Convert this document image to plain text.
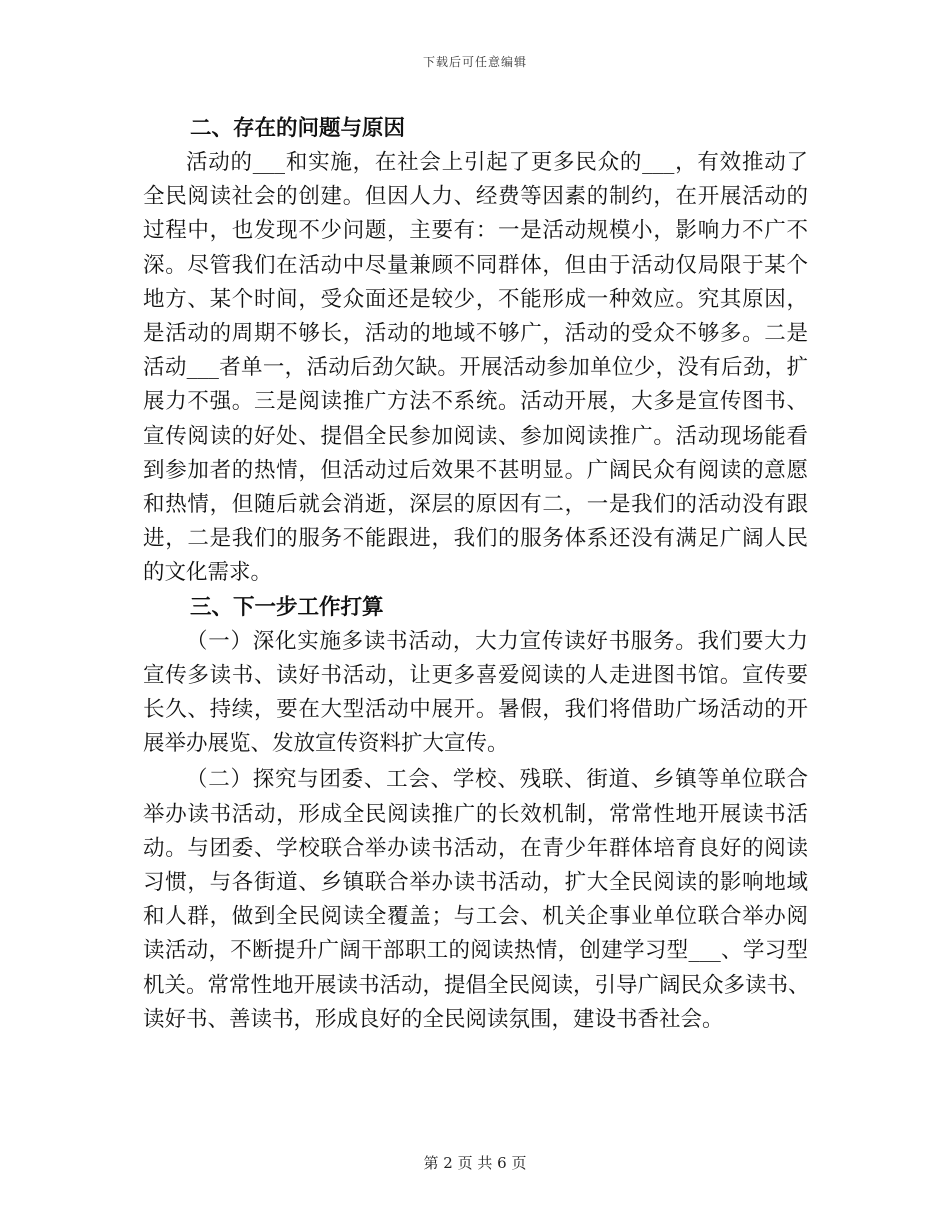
下载后可任意编辑
二、存在的问题与原因
活动的___和实施，在社会上引起了更多民众的___，有效推动了
全民阅读社会的创建。但因人力、经费等因素的制约，在开展活动的
过程中，也发现不少问题，主要有：一是活动规模小，影响力不广不
深。尽管我们在活动中尽量兼顾不同群体，但由于活动仅局限于某个
地方、某个时间，受众面还是较少，不能形成一种效应。究其原因，
是活动的周期不够长，活动的地域不够广，活动的受众不够多。二是
活动___者单一，活动后劲欠缺。开展活动参加单位少，没有后劲，扩
展力不强。三是阅读推广方法不系统。活动开展，大多是宣传图书、
宣传阅读的好处、提倡全民参加阅读、参加阅读推广。活动现场能看
到参加者的热情，但活动过后效果不甚明显。广阔民众有阅读的意愿
和热情，但随后就会消逝，深层的原因有二，一是我们的活动没有跟
进，二是我们的服务不能跟进，我们的服务体系还没有满足广阔人民
的文化需求。
三、下一步工作打算
（一）深化实施多读书活动，大力宣传读好书服务。我们要大力
宣传多读书、读好书活动，让更多喜爱阅读的人走进图书馆。宣传要
长久、持续，要在大型活动中展开。暑假，我们将借助广场活动的开
展举办展览、发放宣传资料扩大宣传。
（二）探究与团委、工会、学校、残联、街道、乡镇等单位联合
举办读书活动，形成全民阅读推广的长效机制，常常性地开展读书活
动。与团委、学校联合举办读书活动，在青少年群体培育良好的阅读
习惯，与各街道、乡镇联合举办读书活动，扩大全民阅读的影响地域
和人群，做到全民阅读全覆盖；与工会、机关企事业单位联合举办阅
读活动，不断提升广阔干部职工的阅读热情，创建学习型___、学习型
机关。常常性地开展读书活动，提倡全民阅读，引导广阔民众多读书、
读好书、善读书，形成良好的全民阅读氛围，建设书香社会。
第 2 页 共 6 页
